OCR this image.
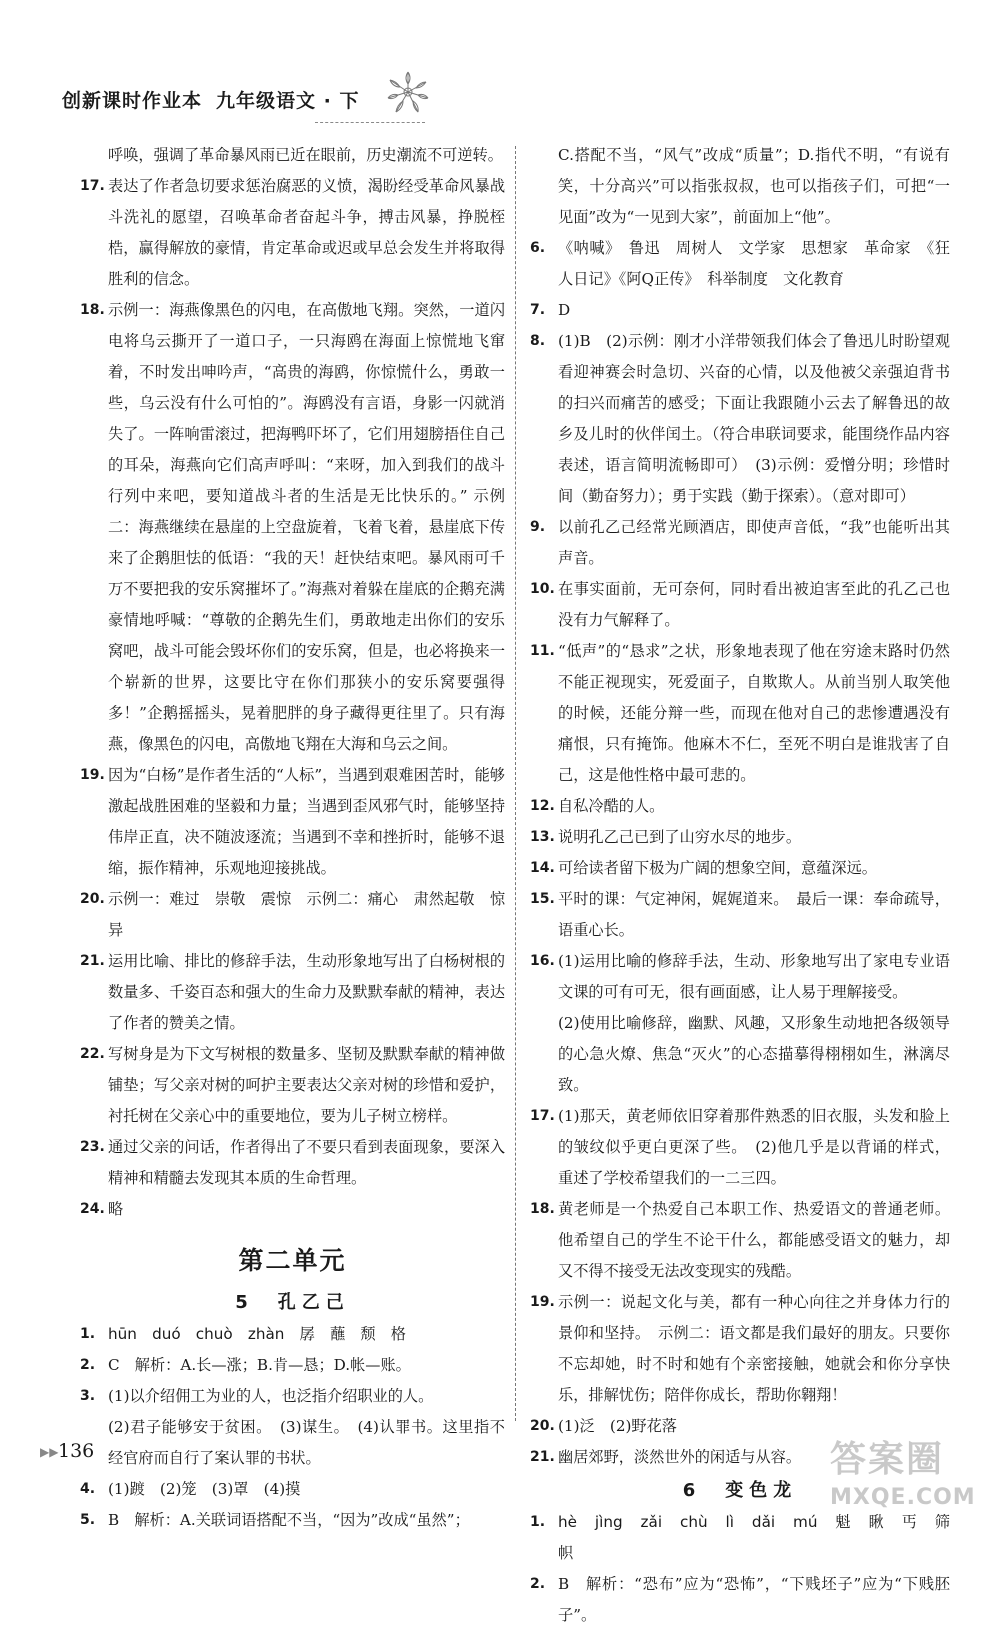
创新课时作业本 九年级语文 · 下
呼唤，强调了革命暴风雨已近在眼前，历史潮流不可逆转。
17. 表达了作者急切要求惩治腐恶的义愤，渴盼经受革命风暴战斗洗礼的愿望，召唤革命者奋起斗争，搏击风暴，挣脱桎梏，赢得解放的豪情，肯定革命或迟或早总会发生并将取得胜利的信念。
18. 示例一：海燕像黑色的闪电，在高傲地飞翔。突然，一道闪电将乌云撕开了一道口子，一只海鸥在海面上惊慌地飞窜着，不时发出呻吟声，“高贵的海鸥，你惊慌什么，勇敢一些，乌云没有什么可怕的”。海鸥没有言语，身影一闪就消失了。一阵响雷滚过，把海鸭吓坏了，它们用翅膀捂住自己的耳朵，海燕向它们高声呼叫：“来呀，加入到我们的战斗行列中来吧，要知道战斗者的生活是无比快乐的。” 示例二：海燕继续在悬崖的上空盘旋着，飞着飞着，悬崖底下传来了企鹅胆怯的低语：“我的天！赶快结束吧。暴风雨可千万不要把我的安乐窝摧坏了。”海燕对着躲在崖底的企鹅充满豪情地呼喊：“尊敬的企鹅先生们，勇敢地走出你们的安乐窝吧，战斗可能会毁坏你们的安乐窝，但是，也必将换来一个崭新的世界，这要比守在你们那狭小的安乐窝要强得多！”企鹅摇摇头，晃着肥胖的身子藏得更往里了。只有海燕，像黑色的闪电，高傲地飞翔在大海和乌云之间。
19. 因为“白杨”是作者生活的“人标”，当遇到艰难困苦时，能够激起战胜困难的坚毅和力量；当遇到歪风邪气时，能够坚持伟岸正直，决不随波逐流；当遇到不幸和挫折时，能够不退缩，振作精神，乐观地迎接挑战。
20. 示例一：难过　崇敬　震惊　示例二：痛心　肃然起敬　惊异
21. 运用比喻、排比的修辞手法，生动形象地写出了白杨树根的数量多、千姿百态和强大的生命力及默默奉献的精神，表达了作者的赞美之情。
22. 写树身是为下文写树根的数量多、坚韧及默默奉献的精神做铺垫；写父亲对树的呵护主要表达父亲对树的珍惜和爱护，衬托树在父亲心中的重要地位，要为儿子树立榜样。
23. 通过父亲的问话，作者得出了不要只看到表面现象，要深入精神和精髓去发现其本质的生命哲理。
24. 略
第二单元
5　孔乙己
1. hūn　duó　chuò　zhàn　孱　蘸　颓　格
2. C　解析：A.长—涨；B.肯—恳；D.帐—账。
3. (1)以介绍佣工为业的人，也泛指介绍职业的人。
(2)君子能够安于贫困。　(3)谋生。　(4)认罪书。这里指不经官府而自行了案认罪的书状。
4. (1)踱　(2)笼　(3)罩　(4)摸
5. B　解析：A.关联词语搭配不当，“因为”改成“虽然”；
C.搭配不当，“风气”改成“质量”；D.指代不明，“有说有笑，十分高兴”可以指张叔叔，也可以指孩子们，可把“一见面”改为“一见到大家”，前面加上“他”。
6. 《呐喊》　鲁迅　周树人　文学家　思想家　革命家　《狂人日记》《阿Q正传》　科举制度　文化教育
7. D
8. (1)B　(2)示例：刚才小洋带领我们体会了鲁迅儿时盼望观看迎神赛会时急切、兴奋的心情，以及他被父亲强迫背书的扫兴而痛苦的感受；下面让我跟随小云去了解鲁迅的故乡及儿时的伙伴闰土。（符合串联词要求，能围绕作品内容表述，语言简明流畅即可）　(3)示例：爱憎分明；珍惜时间（勤奋努力）；勇于实践（勤于探索）。（意对即可）
9. 以前孔乙己经常光顾酒店，即使声音低，“我”也能听出其声音。
10. 在事实面前，无可奈何，同时看出被迫害至此的孔乙己也没有力气解释了。
11. “低声”的“恳求”之状，形象地表现了他在穷途末路时仍然不能正视现实，死爱面子，自欺欺人。从前当别人取笑他的时候，还能分辩一些，而现在他对自己的悲惨遭遇没有痛恨，只有掩饰。他麻木不仁，至死不明白是谁戕害了自己，这是他性格中最可悲的。
12. 自私冷酷的人。
13. 说明孔乙己已到了山穷水尽的地步。
14. 可给读者留下极为广阔的想象空间，意蕴深远。
15. 平时的课：气定神闲，娓娓道来。　最后一课：奉命疏导，语重心长。
16. (1)运用比喻的修辞手法，生动、形象地写出了家电专业语文课的可有可无，很有画面感，让人易于理解接受。
(2)使用比喻修辞，幽默、风趣，又形象生动地把各级领导的心急火燎、焦急“灭火”的心态描摹得栩栩如生，淋漓尽致。
17. (1)那天，黄老师依旧穿着那件熟悉的旧衣服，头发和脸上的皱纹似乎更白更深了些。　(2)他几乎是以背诵的样式，重述了学校希望我们的一二三四。
18. 黄老师是一个热爱自己本职工作、热爱语文的普通老师。他希望自己的学生不论干什么，都能感受语文的魅力，却又不得不接受无法改变现实的残酷。
19. 示例一：说起文化与美，都有一种心向往之并身体力行的景仰和坚持。　示例二：语文都是我们最好的朋友。只要你不忘却她，时不时和她有个亲密接触，她就会和你分享快乐，排解忧伤；陪伴你成长，帮助你翱翔！
20. (1)泛　(2)野花落
21. 幽居郊野，淡然世外的闲适与从容。
6　变色龙
1. hè　jìng　zǎi　chù　lì　dǎi　mú　魁　瞅　丐　筛　帜
2. B　解析：“恐布”应为“恐怖”，“下贱坯子”应为“下贱胚子”。
▶▶ 136	答案圈
MXQE.COM
